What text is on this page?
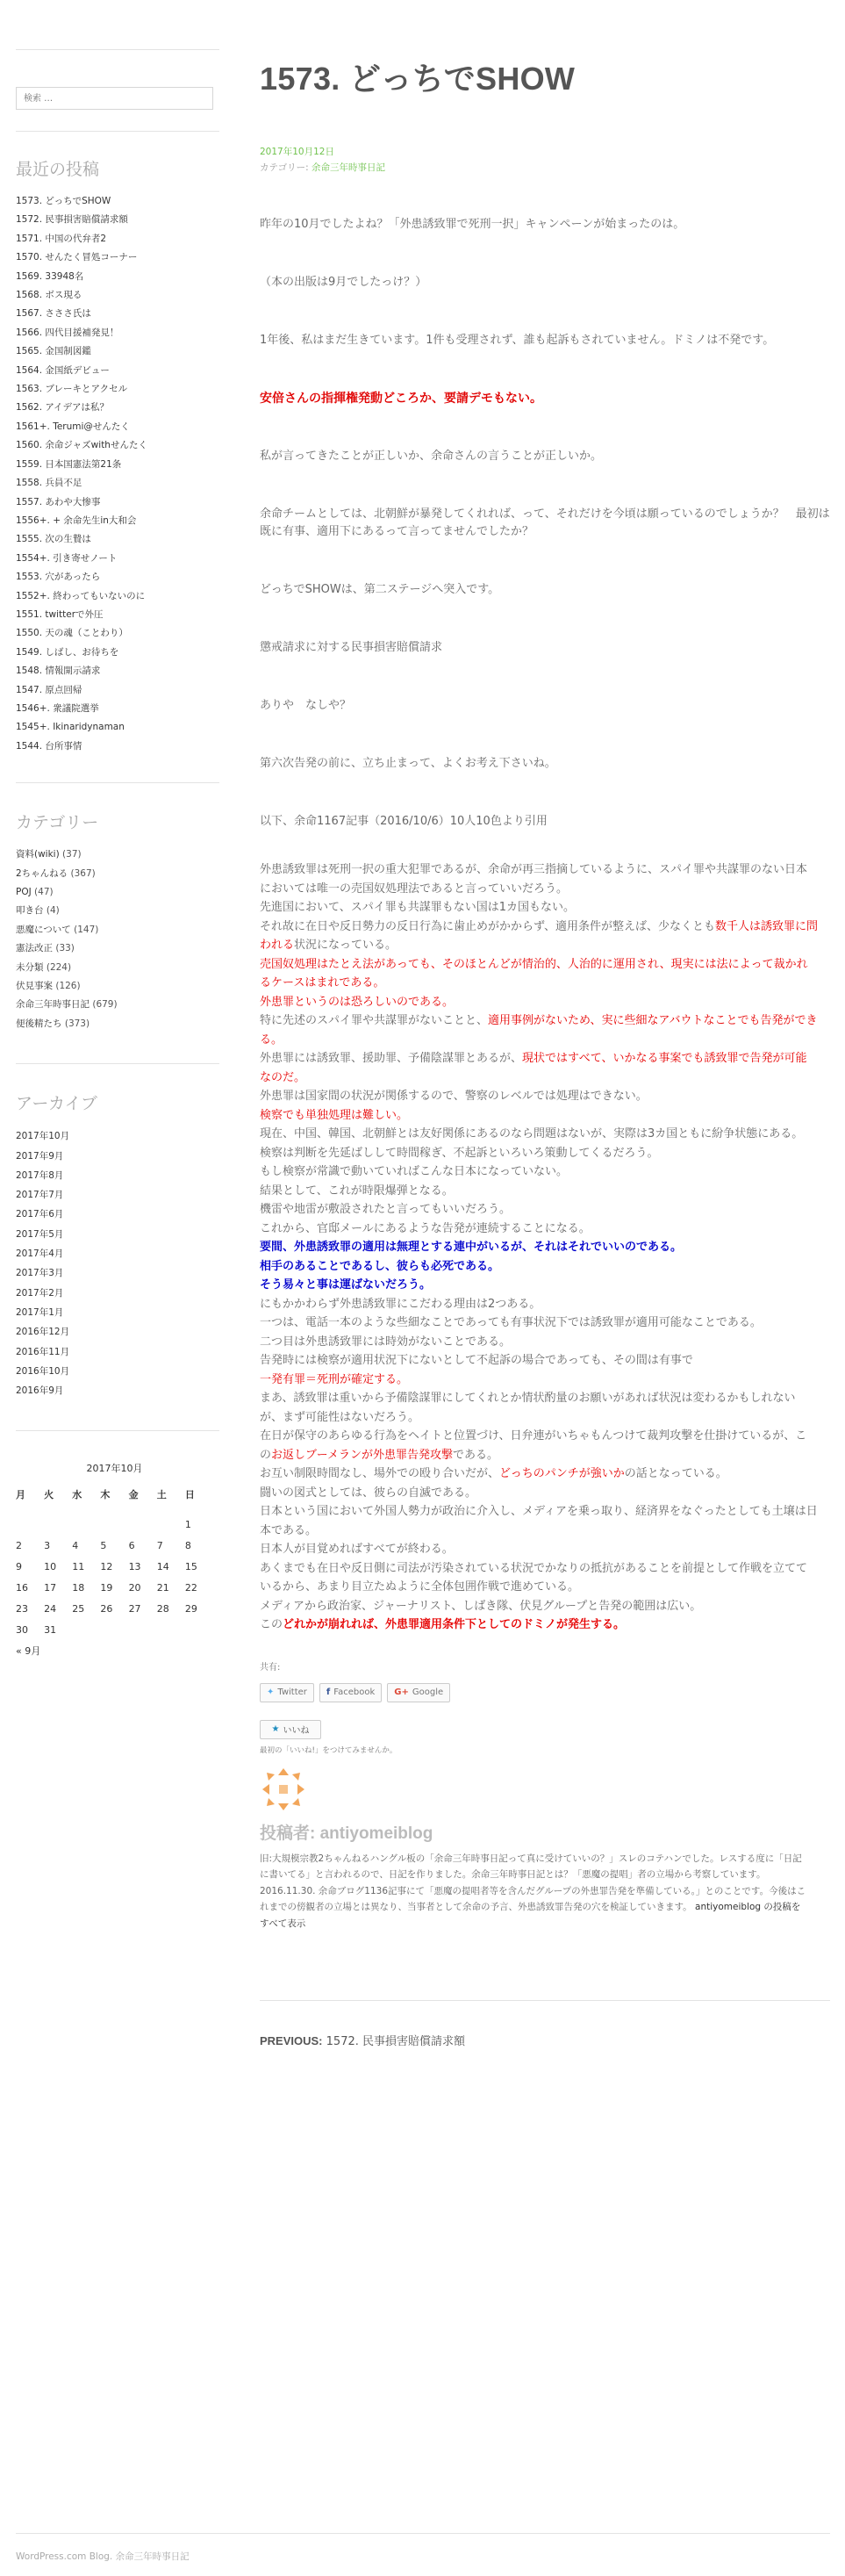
検索 …
最近の投稿
1573. どっちでSHOW
1572. 民事損害賠償請求額
1571. 中国の代弁者2
1570. せんたく冒処コーナー
1569. 33948名
1568. ボス現る
1567. さささ氏は
1566. 四代目援補発見！
1565. 金国制図鑑
1564. 金国紙デビュー
1563. ブレーキとアクセル
1562. アイデアは私？
1561+. Terumi@せんたく
1560. 余命ジャズwithせんたく
1559. 日本国憲法第21条
1558. 兵員不足
1557. あわや大惨事
1556+. + 余命先生in大和会
1555. 次の生贄は
1554+. 引き寄せノート
1553. 穴があったら
1552+. 終わってもいないのに
1551. twitterで外圧
1550. 天の魂（ことわり）
1549. しばし、お待ちを
1548. 情報開示請求
1547. 原点回帰
1546+. 衆議院選挙
1545+. Ikinaridynaman
1544. 台所事情
カテゴリー
資料(wiki) (37)
2ちゃんねる (367)
POJ (47)
叩き台 (4)
悪魔について (147)
憲法改正 (33)
未分類 (224)
伏見事案 (126)
余命三年時事日記 (679)
便後精たち (373)
アーカイブ
2017年10月
2017年9月
2017年8月
2017年7月
2017年6月
2017年5月
2017年4月
2017年3月
2017年2月
2017年1月
2016年12月
2016年11月
2016年10月
2016年9月
2017年10月
月	火	水	木	金	土	日
						1
2	3	4	5	6	7	8
9	10	11	12	13	14	15
16	17	18	19	20	21	22
23	24	25	26	27	28	29
30	31					
« 9月
1573. どっちでSHOW
2017年10月12日
カテゴリー: 余命三年時事日記

昨年の10月でしたよね？「外患誘致罪で死刑一択」キャンペーンが始まったのは。

（本の出版は9月でしたっけ？）

1年後、私はまだ生きています。1件も受理されず、誰も起訴もされていません。ドミノは不発です。

安倍さんの指揮権発動どころか、要請デモもない。

私が言ってきたことが正しいか、余命さんの言うことが正しいか。

余命チームとしては、北朝鮮が暴発してくれれば、って、それだけを今頃は願っているのでしょうか？　最初は既に有事、適用下にあるって言ってませんでしたか？

どっちでSHOWは、第二ステージへ突入です。

懲戒請求に対する民事損害賠償請求

ありや　なしや？

第六次告発の前に、立ち止まって、よくお考え下さいね。

以下、余命1167記事（2016/10/6）10人10色より引用

外患誘致罪は死刑一択の重大犯罪であるが、余命が再三指摘しているように、スパイ罪や共謀罪のない日本においては唯一の売国奴処理法であると言っていいだろう。
先進国において、スパイ罪も共謀罪もない国は1カ国もない。
それ故に在日や反日勢力の反日行為に歯止めがかからず、適用条件が整えば、少なくとも数千人は誘致罪に問われる状況になっている。
売国奴処理はたとえ法があっても、そのほとんどが情治的、人治的に運用され、現実には法によって裁かれるケースはまれである。
外患罪というのは恐ろしいのである。
特に先述のスパイ罪や共謀罪がないことと、適用事例がないため、実に些細なアバウトなことでも告発ができる。
外患罪には誘致罪、援助罪、予備陰謀罪とあるが、現状ではすべて、いかなる事案でも誘致罪で告発が可能なのだ。
外患罪は国家間の状況が関係するので、警察のレベルでは処理はできない。
検察でも単独処理は難しい。
現在、中国、韓国、北朝鮮とは友好関係にあるのなら問題はないが、実際は3カ国ともに紛争状態にある。
検察は判断を先延ばしして時間稼ぎ、不起訴といろいろ策動してくるだろう。
もし検察が常識で動いていればこんな日本になっていない。
結果として、これが時限爆弾となる。
機雷や地雷が敷設されたと言ってもいいだろう。
これから、官邸メールにあるような告発が連続することになる。
要間、外患誘致罪の適用は無理とする連中がいるが、それはそれでいいのである。
相手のあることであるし、彼らも必死である。
そう易々と事は運ばないだろう。
にもかかわらず外患誘致罪にこだわる理由は2つある。
一つは、電話一本のような些細なことであっても有事状況下では誘致罪が適用可能なことである。
二つ目は外患誘致罪には時効がないことである。
告発時には検察が適用状況下にないとして不起訴の場合であっても、その間は有事で
一発有罪＝死刑が確定する。
まあ、誘致罪は重いから予備陰謀罪にしてくれとか情状酌量のお願いがあれば状況は変わるかもしれないが、まず可能性はないだろう。
在日が保守のあらゆる行為をヘイトと位置づけ、日弁連がいちゃもんつけて裁判攻撃を仕掛けているが、このお返しブーメランが外患罪告発攻撃である。
お互い制限時間なし、場外での殴り合いだが、どっちのパンチが強いかの話となっている。
闘いの図式としては、彼らの自滅である。
日本という国において外国人勢力が政治に介入し、メディアを乗っ取り、経済界をなぐったとしても土壌は日本である。
日本人が目覚めればすべてが終わる。
あくまでも在日や反日側に司法が汚染されている状況でかなりの抵抗があることを前提として作戦を立てているから、あまり目立たぬように全体包囲作戦で進めている。
メディアから政治家、ジャーナリスト、しばき隊、伏見グループと告発の範囲は広い。
このどれかが崩れれば、外患罪適用条件下としてのドミノが発生する。
共有:
✦ Twitter f Facebook G+ Google
★ いいね
最初の「いいね!」をつけてみませんか。
投稿者: antiyomeiblog
旧:大規模宗教2ちゃんねるハングル板の「余命三年時事日記って真に受けていいの？」スレのコテハンでした。レスする度に「日記に書いてる」と言われるので、日記を作りました。余命三年時事日記とは？「悪魔の提唱」者の立場から考察しています。2016.11.30. 余命ブログ1136記事にて「悪魔の提唱者等を含んだグループの外患罪告発を準備している。」とのことです。今後はこれまでの傍観者の立場とは異なり、当事者として余命の予言、外患誘致罪告発の穴を検証していきます。 antiyomeiblog の投稿をすべて表示
PREVIOUS: 1572. 民事損害賠償請求額
WordPress.com Blog. 余命三年時事日記
